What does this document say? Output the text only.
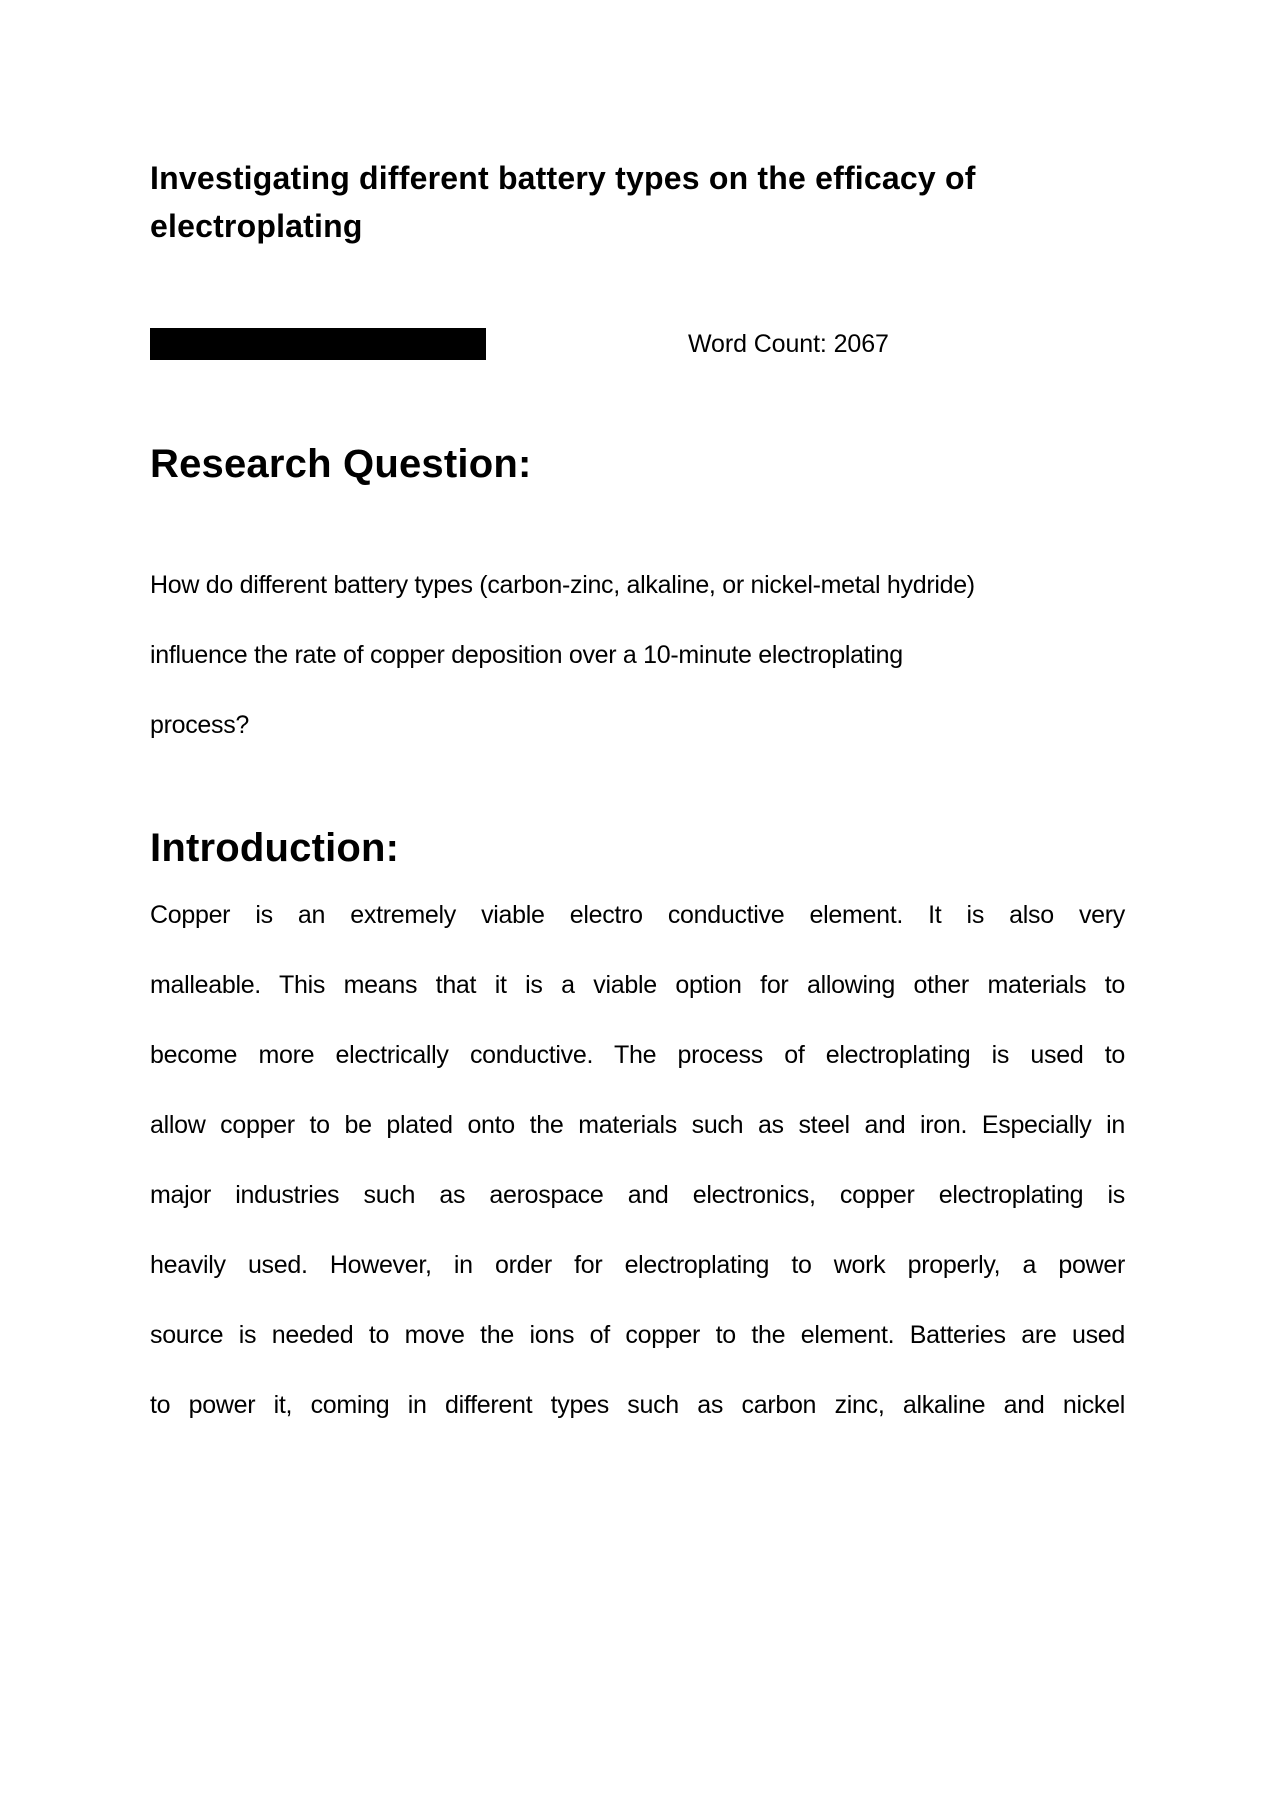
Investigating different battery types on the efficacy of
electroplating
Word Count: 2067
Research Question:
How do different battery types (carbon-zinc, alkaline, or nickel-metal hydride)
influence the rate of copper deposition over a 10-minute electroplating
process?
Introduction:
Copper is an extremely viable electro conductive element. It is also very
malleable. This means that it is a viable option for allowing other materials to
become more electrically conductive. The process of electroplating is used to
allow copper to be plated onto the materials such as steel and iron. Especially in
major industries such as aerospace and electronics, copper electroplating is
heavily used. However, in order for electroplating to work properly, a power
source is needed to move the ions of copper to the element. Batteries are used
to power it, coming in different types such as carbon zinc, alkaline and nickel
